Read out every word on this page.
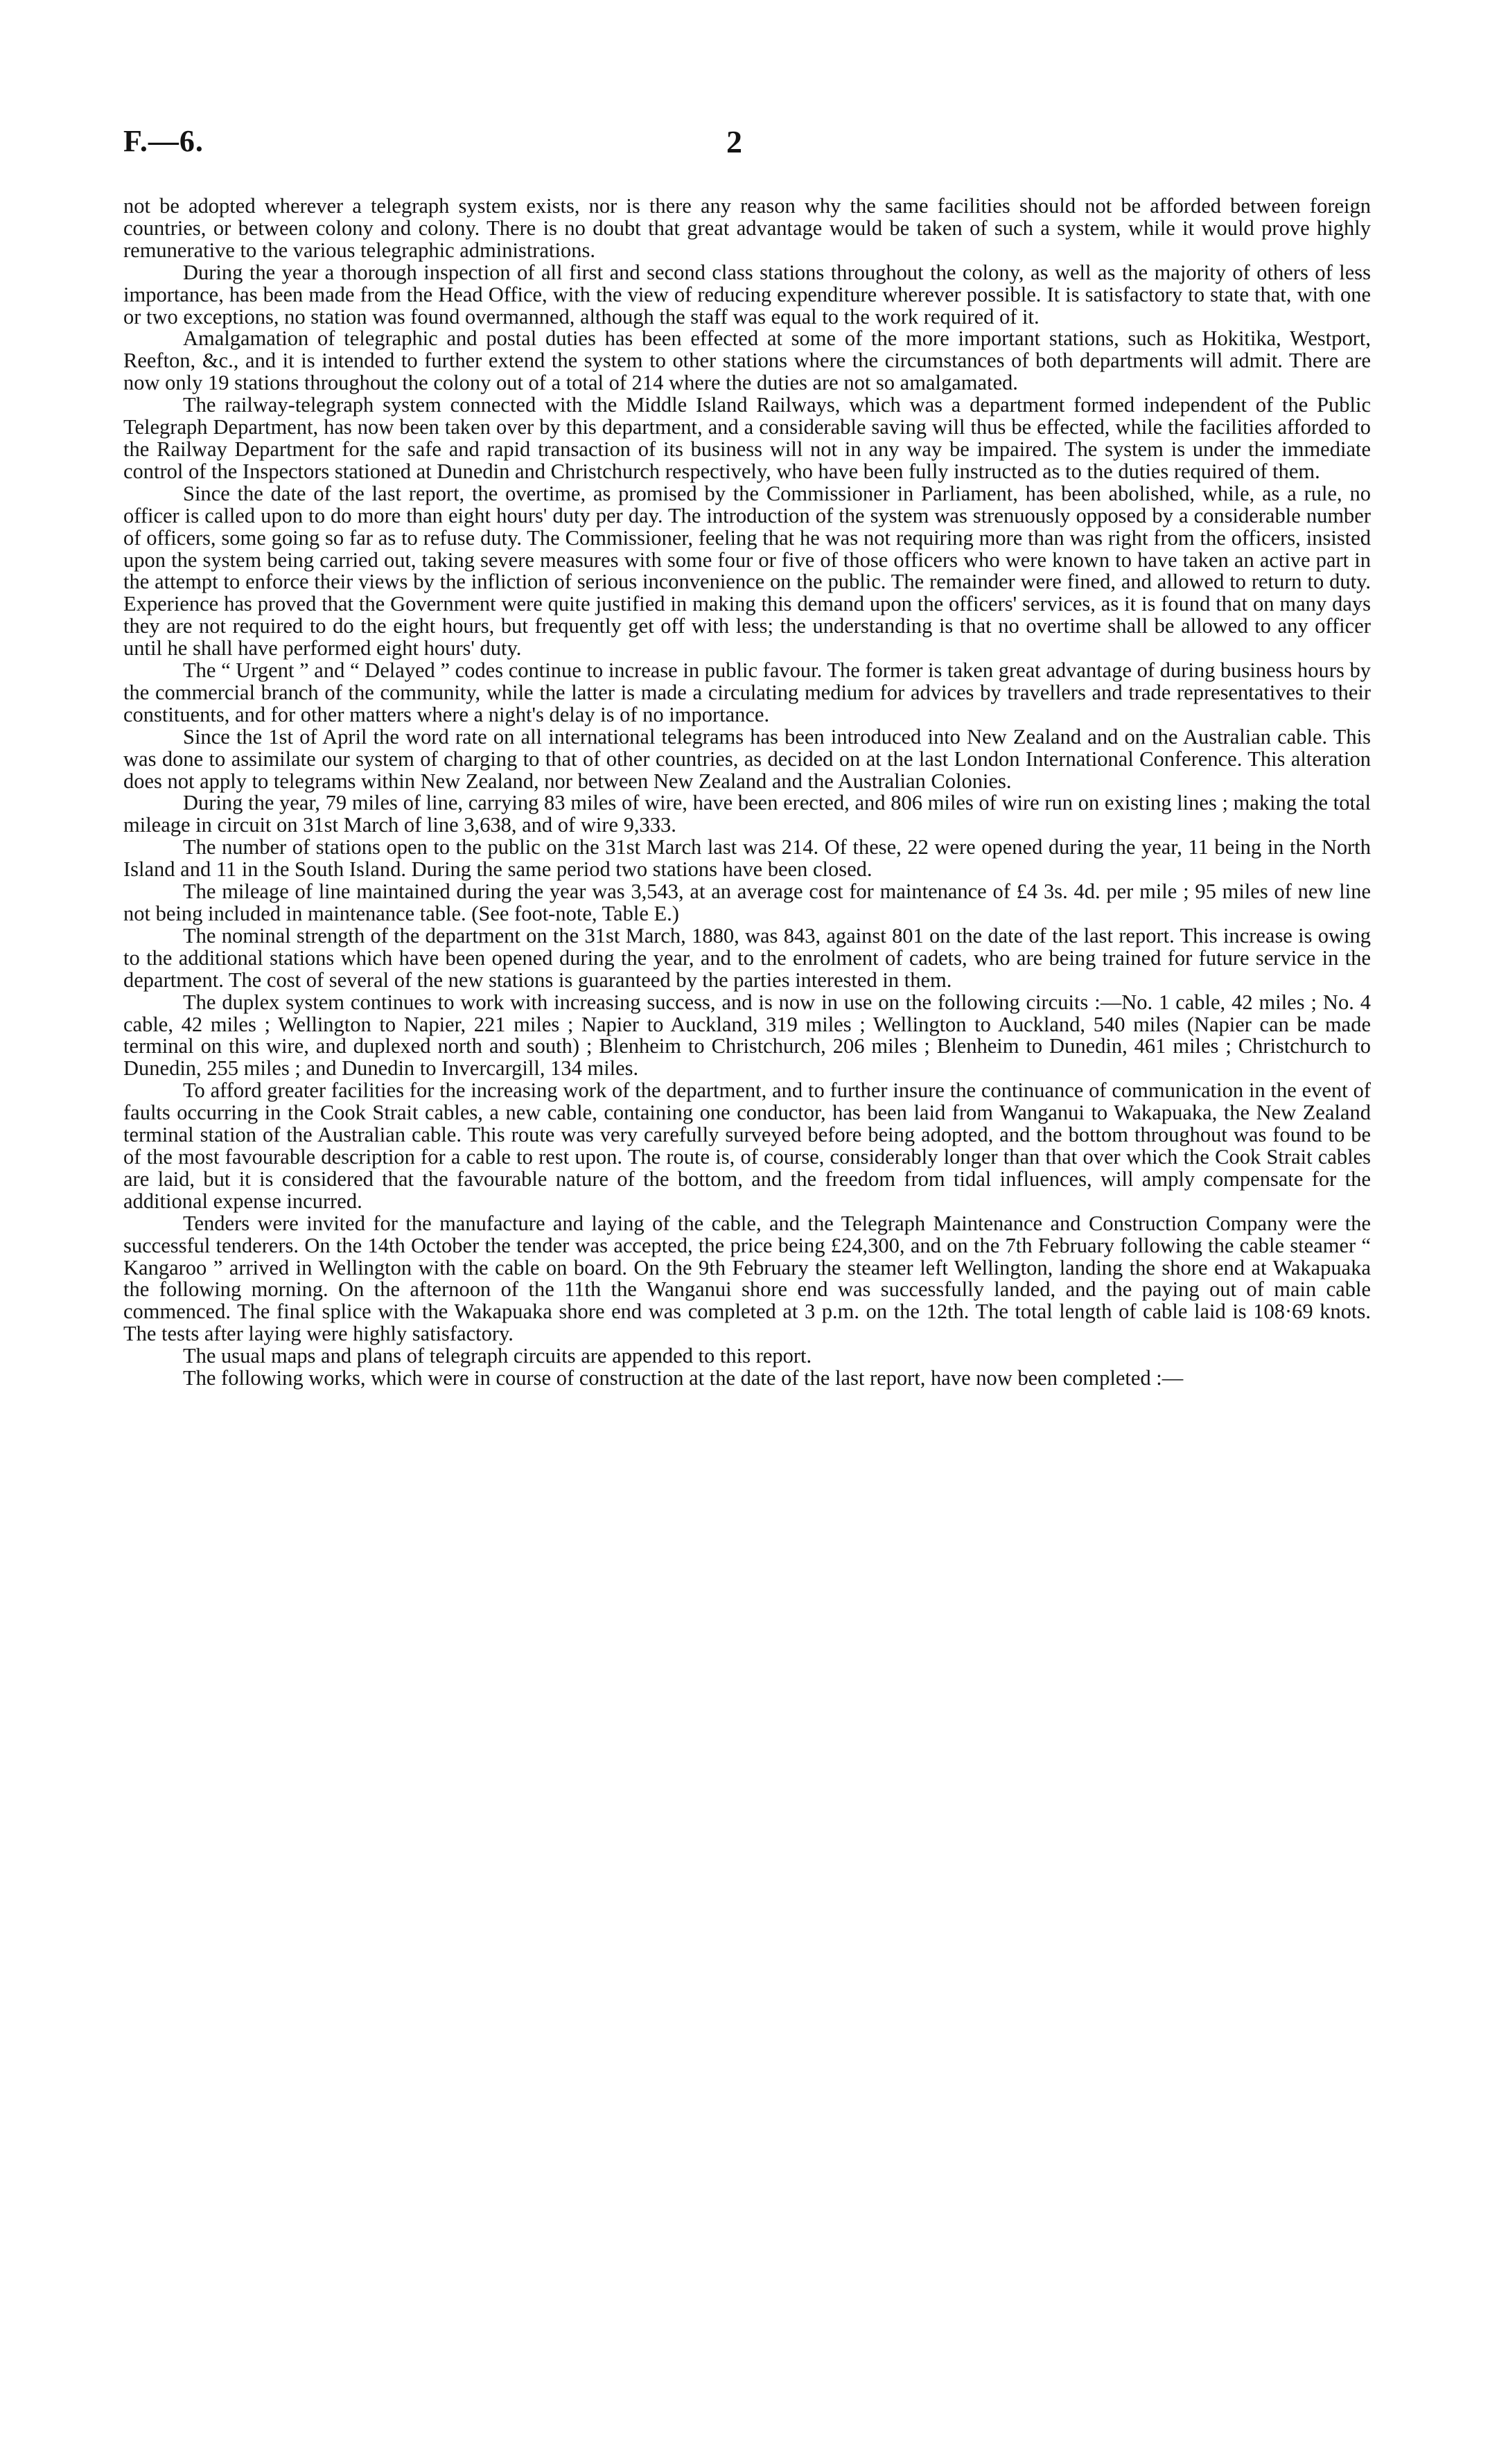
F.—6.	2

not be adopted wherever a telegraph system exists, nor is there any reason why the same facilities should not be afforded between foreign countries, or between colony and colony. There is no doubt that great advantage would be taken of such a system, while it would prove highly remunerative to the various telegraphic administrations.

During the year a thorough inspection of all first and second class stations throughout the colony, as well as the majority of others of less importance, has been made from the Head Office, with the view of reducing expenditure wherever possible. It is satisfactory to state that, with one or two exceptions, no station was found overmanned, although the staff was equal to the work required of it.

Amalgamation of telegraphic and postal duties has been effected at some of the more important stations, such as Hokitika, Westport, Reefton, &c., and it is intended to further extend the system to other stations where the circumstances of both departments will admit. There are now only 19 stations throughout the colony out of a total of 214 where the duties are not so amalgamated.

The railway-telegraph system connected with the Middle Island Railways, which was a department formed independent of the Public Telegraph Department, has now been taken over by this department, and a considerable saving will thus be effected, while the facilities afforded to the Railway Department for the safe and rapid transaction of its business will not in any way be impaired. The system is under the immediate control of the Inspectors stationed at Dunedin and Christchurch respectively, who have been fully instructed as to the duties required of them.

Since the date of the last report, the overtime, as promised by the Commissioner in Parliament, has been abolished, while, as a rule, no officer is called upon to do more than eight hours' duty per day. The introduction of the system was strenuously opposed by a considerable number of officers, some going so far as to refuse duty. The Commissioner, feeling that he was not requiring more than was right from the officers, insisted upon the system being carried out, taking severe measures with some four or five of those officers who were known to have taken an active part in the attempt to enforce their views by the infliction of serious inconvenience on the public. The remainder were fined, and allowed to return to duty. Experience has proved that the Government were quite justified in making this demand upon the officers' services, as it is found that on many days they are not required to do the eight hours, but frequently get off with less; the understanding is that no overtime shall be allowed to any officer until he shall have performed eight hours' duty.

The “ Urgent ” and “ Delayed ” codes continue to increase in public favour. The former is taken great advantage of during business hours by the commercial branch of the community, while the latter is made a circulating medium for advices by travellers and trade representatives to their constituents, and for other matters where a night's delay is of no importance.

Since the 1st of April the word rate on all international telegrams has been introduced into New Zealand and on the Australian cable. This was done to assimilate our system of charging to that of other countries, as decided on at the last London International Conference. This alteration does not apply to telegrams within New Zealand, nor between New Zealand and the Australian Colonies.

During the year, 79 miles of line, carrying 83 miles of wire, have been erected, and 806 miles of wire run on existing lines ; making the total mileage in circuit on 31st March of line 3,638, and of wire 9,333.

The number of stations open to the public on the 31st March last was 214. Of these, 22 were opened during the year, 11 being in the North Island and 11 in the South Island. During the same period two stations have been closed.

The mileage of line maintained during the year was 3,543, at an average cost for maintenance of £4 3s. 4d. per mile ; 95 miles of new line not being included in maintenance table. (See foot-note, Table E.)

The nominal strength of the department on the 31st March, 1880, was 843, against 801 on the date of the last report. This increase is owing to the additional stations which have been opened during the year, and to the enrolment of cadets, who are being trained for future service in the department. The cost of several of the new stations is guaranteed by the parties interested in them.

The duplex system continues to work with increasing success, and is now in use on the following circuits :—No. 1 cable, 42 miles ; No. 4 cable, 42 miles ; Wellington to Napier, 221 miles ; Napier to Auckland, 319 miles ; Wellington to Auckland, 540 miles (Napier can be made terminal on this wire, and duplexed north and south) ; Blenheim to Christchurch, 206 miles ; Blenheim to Dunedin, 461 miles ; Christchurch to Dunedin, 255 miles ; and Dunedin to Invercargill, 134 miles.

To afford greater facilities for the increasing work of the department, and to further insure the continuance of communication in the event of faults occurring in the Cook Strait cables, a new cable, containing one conductor, has been laid from Wanganui to Wakapuaka, the New Zealand terminal station of the Australian cable. This route was very carefully surveyed before being adopted, and the bottom throughout was found to be of the most favourable description for a cable to rest upon. The route is, of course, considerably longer than that over which the Cook Strait cables are laid, but it is considered that the favourable nature of the bottom, and the freedom from tidal influences, will amply compensate for the additional expense incurred.

Tenders were invited for the manufacture and laying of the cable, and the Telegraph Maintenance and Construction Company were the successful tenderers. On the 14th October the tender was accepted, the price being £24,300, and on the 7th February following the cable steamer “ Kangaroo ” arrived in Wellington with the cable on board. On the 9th February the steamer left Wellington, landing the shore end at Wakapuaka the following morning. On the afternoon of the 11th the Wanganui shore end was successfully landed, and the paying out of main cable commenced. The final splice with the Wakapuaka shore end was completed at 3 p.m. on the 12th. The total length of cable laid is 108·69 knots. The tests after laying were highly satisfactory.

The usual maps and plans of telegraph circuits are appended to this report.

The following works, which were in course of construction at the date of the last report, have now been completed :—
